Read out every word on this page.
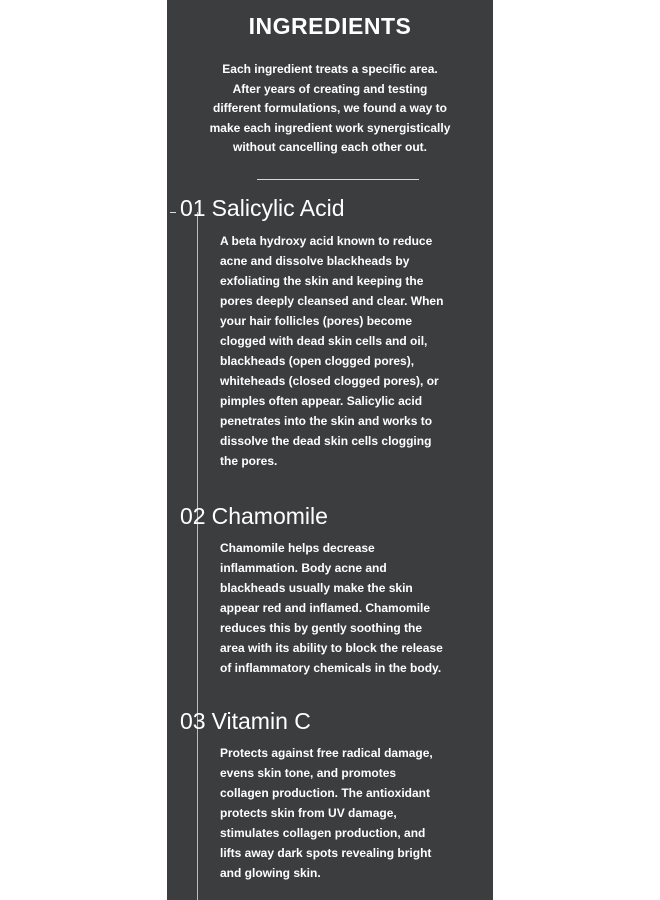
INGREDIENTS
Each ingredient treats a specific area.
After years of creating and testing
different formulations, we found a way to
make each ingredient work synergistically
without cancelling each other out.
01 Salicylic Acid
A beta hydroxy acid known to reduce
acne and dissolve blackheads by
exfoliating the skin and keeping the
pores deeply cleansed and clear. When
your hair follicles (pores) become
clogged with dead skin cells and oil,
blackheads (open clogged pores),
whiteheads (closed clogged pores), or
pimples often appear. Salicylic acid
penetrates into the skin and works to
dissolve the dead skin cells clogging
the pores.
02 Chamomile
Chamomile helps decrease
inflammation. Body acne and
blackheads usually make the skin
appear red and inflamed. Chamomile
reduces this by gently soothing the
area with its ability to block the release
of inflammatory chemicals in the body.
03 Vitamin C
Protects against free radical damage,
evens skin tone, and promotes
collagen production. The antioxidant
protects skin from UV damage,
stimulates collagen production, and
lifts away dark spots revealing bright
and glowing skin.
